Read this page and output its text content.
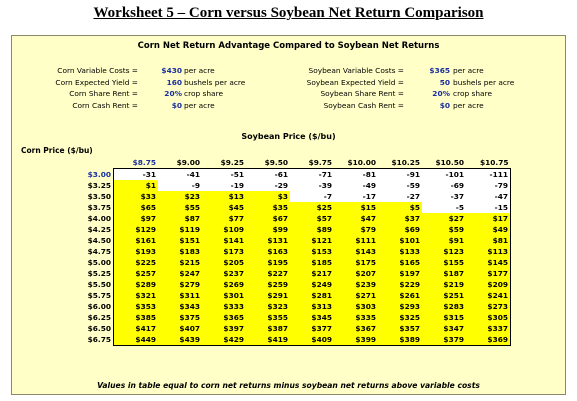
Worksheet 5 – Corn versus Soybean Net Return Comparison
Corn Net Return Advantage Compared to Soybean Net Returns
Corn Variable Costs =	$430 per acre
Corn Expected Yield =	160 bushels per acre
Corn Share Rent =	20% crop share
Corn Cash Rent =	$0 per acre
Soybean Variable Costs =	$365 per acre
Soybean Expected Yield =	50 bushels per acre
Soybean Share Rent =	20% crop share
Soybean Cash Rent =	$0 per acre
Soybean Price ($/bu)
Corn Price ($/bu)
	$8.75	$9.00	$9.25	$9.50	$9.75	$10.00	$10.25	$10.50	$10.75
$3.00	-31	-41	-51	-61	-71	-81	-91	-101	-111
$3.25	$1	-9	-19	-29	-39	-49	-59	-69	-79
$3.50	$33	$23	$13	$3	-7	-17	-27	-37	-47
$3.75	$65	$55	$45	$35	$25	$15	$5	-5	-15
$4.00	$97	$87	$77	$67	$57	$47	$37	$27	$17
$4.25	$129	$119	$109	$99	$89	$79	$69	$59	$49
$4.50	$161	$151	$141	$131	$121	$111	$101	$91	$81
$4.75	$193	$183	$173	$163	$153	$143	$133	$123	$113
$5.00	$225	$215	$205	$195	$185	$175	$165	$155	$145
$5.25	$257	$247	$237	$227	$217	$207	$197	$187	$177
$5.50	$289	$279	$269	$259	$249	$239	$229	$219	$209
$5.75	$321	$311	$301	$291	$281	$271	$261	$251	$241
$6.00	$353	$343	$333	$323	$313	$303	$293	$283	$273
$6.25	$385	$375	$365	$355	$345	$335	$325	$315	$305
$6.50	$417	$407	$397	$387	$377	$367	$357	$347	$337
$6.75	$449	$439	$429	$419	$409	$399	$389	$379	$369
Values in table equal to corn net returns minus soybean net returns above variable costs
